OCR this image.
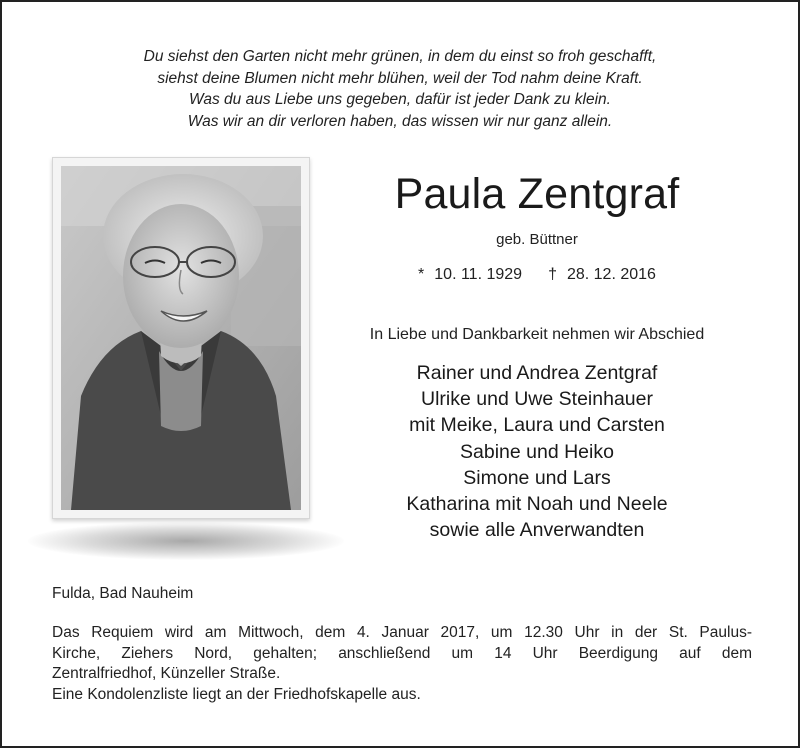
Du siehst den Garten nicht mehr grünen, in dem du einst so froh geschafft,
siehst deine Blumen nicht mehr blühen, weil der Tod nahm deine Kraft.
Was du aus Liebe uns gegeben, dafür ist jeder Dank zu klein.
Was wir an dir verloren haben, das wissen wir nur ganz allein.
Paula Zentgraf
geb. Büttner
* 10. 11. 1929 † 28. 12. 2016
In Liebe und Dankbarkeit nehmen wir Abschied
Rainer und Andrea Zentgraf
Ulrike und Uwe Steinhauer
mit Meike, Laura und Carsten
Sabine und Heiko
Simone und Lars
Katharina mit Noah und Neele
sowie alle Anverwandten
Fulda, Bad Nauheim
Das Requiem wird am Mittwoch, dem 4. Januar 2017, um 12.30 Uhr in der St. Paulus-
Kirche, Ziehers Nord, gehalten; anschließend um 14 Uhr Beerdigung auf dem
Zentralfriedhof, Künzeller Straße.
Eine Kondolenzliste liegt an der Friedhofskapelle aus.
